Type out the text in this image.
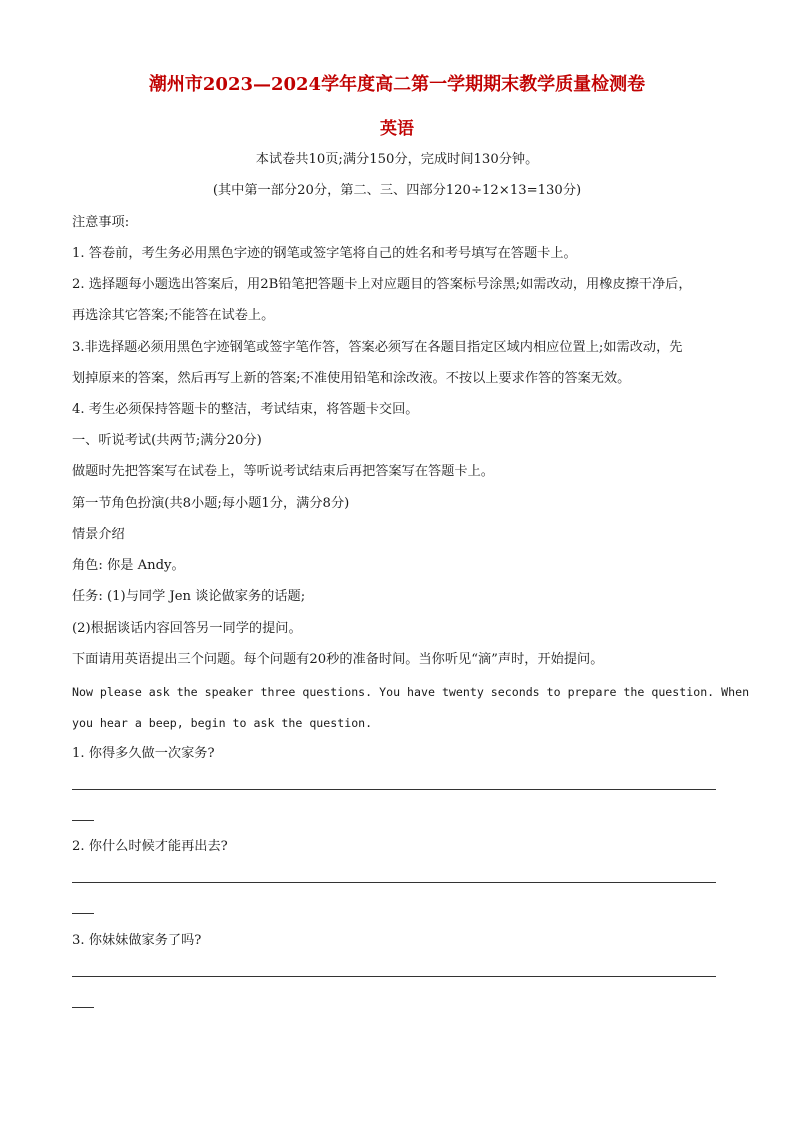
潮州市2023—2024学年度高二第一学期期末教学质量检测卷
英语
本试卷共10页;满分150分，完成时间130分钟。
(其中第一部分20分，第二、三、四部分120÷12×13=130分)
注意事项:
1. 答卷前，考生务必用黑色字迹的钢笔或签字笔将自己的姓名和考号填写在答题卡上。
2. 选择题每小题选出答案后，用2B铅笔把答题卡上对应题目的答案标号涂黑;如需改动，用橡皮擦干净后，
再选涂其它答案;不能答在试卷上。
3.非选择题必须用黑色字迹钢笔或签字笔作答，答案必须写在各题目指定区域内相应位置上;如需改动，先
划掉原来的答案，然后再写上新的答案;不准使用铅笔和涂改液。不按以上要求作答的答案无效。
4. 考生必须保持答题卡的整洁，考试结束，将答题卡交回。
一、听说考试(共两节;满分20分)
做题时先把答案写在试卷上，等听说考试结束后再把答案写在答题卡上。
第一节角色扮演(共8小题;每小题1分，满分8分)
情景介绍
角色: 你是 Andy。
任务: (1)与同学 Jen 谈论做家务的话题;
(2)根据谈话内容回答另一同学的提问。
下面请用英语提出三个问题。每个问题有20秒的准备时间。当你听见“滴”声时，开始提问。
Now please ask the speaker three questions. You have twenty seconds to prepare the question. When
you hear a beep, begin to ask the question.
1. 你得多久做一次家务?
2. 你什么时候才能再出去?
3. 你妹妹做家务了吗?
